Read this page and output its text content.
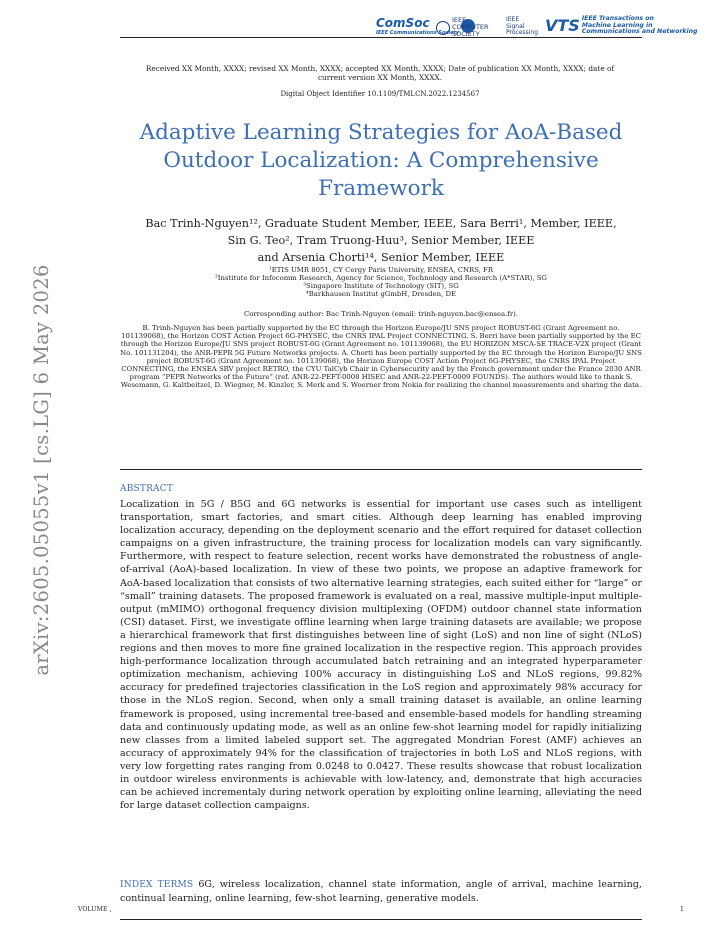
ComSoc
IEEE Communications Society
IEEE
COMPUTER
SOCIETY
IEEE
Signal
Processing VTS IEEE Transactions on
Machine Learning in
Communications and Networking
arXiv:2605.05055v1 [cs.LG] 6 May 2026
Received XX Month, XXXX; revised XX Month, XXXX; accepted XX Month, XXXX; Date of publication XX Month, XXXX; date of current version XX Month, XXXX.
Digital Object Identifier 10.1109/TMLCN.2022.1234567
Adaptive Learning Strategies for AoA-Based Outdoor Localization: A Comprehensive Framework
Bac Trinh-Nguyen¹², Graduate Student Member, IEEE, Sara Berri¹, Member, IEEE,
Sin G. Teo², Tram Truong-Huu³, Senior Member, IEEE
and Arsenia Chorti¹⁴, Senior Member, IEEE
¹ETIS UMR 8051, CY Cergy Paris University, ENSEA, CNRS, FR
²Institute for Infocomm Research, Agency for Science, Technology and Research (A*STAR), SG
³Singapore Institute of Technology (SIT), SG
⁴Barkhausen Institut gGmbH, Dresden, DE
Corresponding author: Bac Trinh-Nguyen (email: trinh-nguyen.bac@ensea.fr).
B. Trinh-Nguyen has been partially supported by the EC through the Horizon Europe/JU SNS project ROBUST-6G (Grant Agreement no. 101139068), the Horizon COST Action Project 6G-PHYSEC, the CNRS IPAL Project CONNECTING. S. Berri have been partially supported by the EC through the Horizon Europe/JU SNS project ROBUST-6G (Grant Agreement no. 101139068), the EU HORIZON MSCA-SE TRACE-V2X project (Grant No. 101131204), the ANR-PEPR 5G Future Networks projects. A. Chorti has been partially supported by the EC through the Horizon Europe/JU SNS project ROBUST-6G (Grant Agreement no. 101139068), the Horizon Europe COST Action Project 6G-PHYSEC, the CNRS IPAL Project CONNECTING, the ENSEA SRV project RETRO, the CYU TalCyb Chair in Cybersecurity and by the French government under the France 2030 ANR program “PEPR Networks of the Future” (ref. ANR-22-PEFT-0008 HISEC and ANR-22-PEFT-0009 FOUNDS). The authors would like to thank S. Wesemann, G. Kaltbeitzel, D. Wiegner, M. Kinzler, S. Merk and S. Woerner from Nokia for realizing the channel measurements and sharing the data.
ABSTRACT
Localization in 5G / B5G and 6G networks is essential for important use cases such as intelligent transportation, smart factories, and smart cities. Although deep learning has enabled improving localization accuracy, depending on the deployment scenario and the effort required for dataset collection campaigns on a given infrastructure, the training process for localization models can vary significantly. Furthermore, with respect to feature selection, recent works have demonstrated the robustness of angle-of-arrival (AoA)-based localization. In view of these two points, we propose an adaptive framework for AoA-based localization that consists of two alternative learning strategies, each suited either for “large” or “small” training datasets. The proposed framework is evaluated on a real, massive multiple-input multiple-output (mMIMO) orthogonal frequency division multiplexing (OFDM) outdoor channel state information (CSI) dataset. First, we investigate offline learning when large training datasets are available; we propose a hierarchical framework that first distinguishes between line of sight (LoS) and non line of sight (NLoS) regions and then moves to more fine grained localization in the respective region. This approach provides high-performance localization through accumulated batch retraining and an integrated hyperparameter optimization mechanism, achieving 100% accuracy in distinguishing LoS and NLoS regions, 99.82% accuracy for predefined trajectories classification in the LoS region and approximately 98% accuracy for those in the NLoS region. Second, when only a small training dataset is available, an online learning framework is proposed, using incremental tree-based and ensemble-based models for handling streaming data and continuously updating mode, as well as an online few-shot learning model for rapidly initializing new classes from a limited labeled support set. The aggregated Mondrian Forest (AMF) achieves an accuracy of approximately 94% for the classification of trajectories in both LoS and NLoS regions, with very low forgetting rates ranging from 0.0248 to 0.0427. These results showcase that robust localization in outdoor wireless environments is achievable with low-latency, and, demonstrate that high accuracies can be achieved incrementaly during network operation by exploiting online learning, alleviating the need for large dataset collection campaigns.
INDEX TERMS 6G, wireless localization, channel state information, angle of arrival, machine learning, continual learning, online learning, few-shot learning, generative models.
VOLUME ,	1
